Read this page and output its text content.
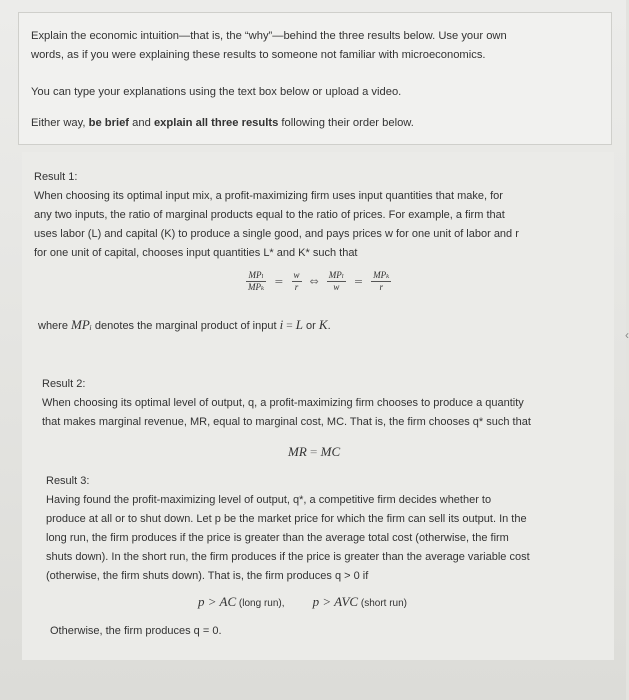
Explain the economic intuition—that is, the “why”—behind the three results below. Use your own
words, as if you were explaining these results to someone not familiar with microeconomics.
You can type your explanations using the text box below or upload a video.
Either way, be brief and explain all three results following their order below.
‹
Result 1:
When choosing its optimal input mix, a profit-maximizing firm uses input quantities that make, for
any two inputs, the ratio of marginal products equal to the ratio of prices. For example, a firm that
uses labor (L) and capital (K) to produce a single good, and pays prices w for one unit of labor and r
for one unit of capital, chooses input quantities L* and K* such that
$\frac{\text{MPₗ}}{\text{MPₖ}} = \frac{w}{r}$ ⇔ $\frac{\text{MPₗ}}{w} = \frac{\text{MPₖ}}{r}$
where MPᵢ denotes the marginal product of input i = L or K.
Result 2:
When choosing its optimal level of output, q, a profit-maximizing firm chooses to produce a quantity
that makes marginal revenue, MR, equal to marginal cost, MC. That is, the firm chooses q* such that
MR = MC
Result 3:
Having found the profit-maximizing level of output, q*, a competitive firm decides whether to
produce at all or to shut down. Let p be the market price for which the firm can sell its output. In the
long run, the firm produces if the price is greater than the average total cost (otherwise, the firm
shuts down). In the short run, the firm produces if the price is greater than the average variable cost
(otherwise, the firm shuts down). That is, the firm produces q > 0 if
p > AC (long run), p > AVC (short run)
Otherwise, the firm produces q = 0.
